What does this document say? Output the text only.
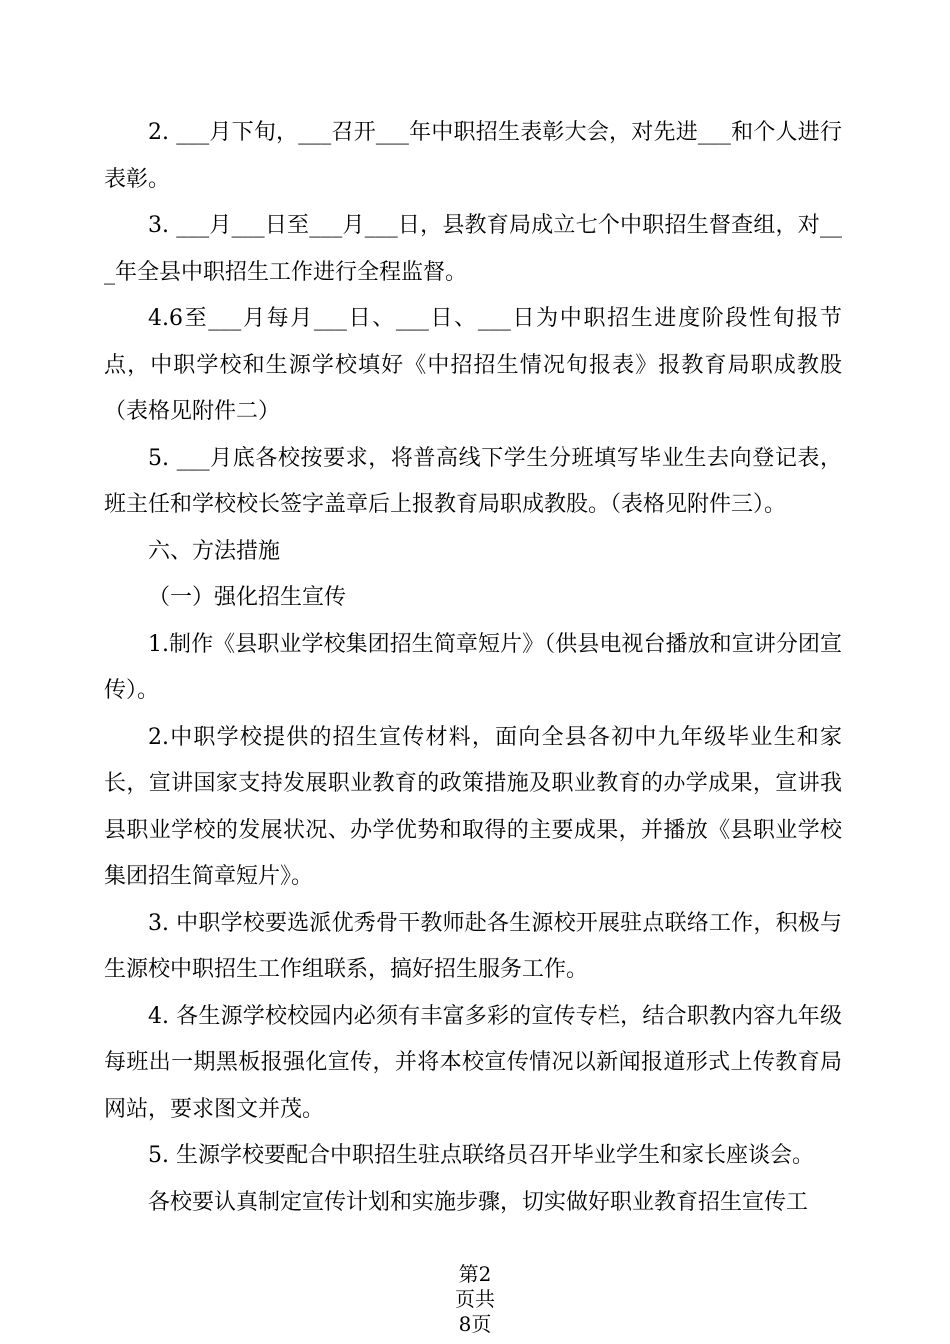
2. ___月下旬，___召开___年中职招生表彰大会，对先进___和个人进行表彰。

3. ___月___日至___月___日，县教育局成立七个中职招生督查组，对___年全县中职招生工作进行全程监督。

4.6至___月每月___日、___日、___日为中职招生进度阶段性旬报节点，中职学校和生源学校填好《中招招生情况旬报表》报教育局职成教股（表格见附件二）

5. ___月底各校按要求，将普高线下学生分班填写毕业生去向登记表，班主任和学校校长签字盖章后上报教育局职成教股。（表格见附件三）。

六、方法措施

（一）强化招生宣传

1.制作《县职业学校集团招生简章短片》（供县电视台播放和宣讲分团宣传）。

2.中职学校提供的招生宣传材料，面向全县各初中九年级毕业生和家长，宣讲国家支持发展职业教育的政策措施及职业教育的办学成果，宣讲我县职业学校的发展状况、办学优势和取得的主要成果，并播放《县职业学校集团招生简章短片》。

3. 中职学校要选派优秀骨干教师赴各生源校开展驻点联络工作，积极与生源校中职招生工作组联系，搞好招生服务工作。

4. 各生源学校校园内必须有丰富多彩的宣传专栏，结合职教内容九年级每班出一期黑板报强化宣传，并将本校宣传情况以新闻报道形式上传教育局网站，要求图文并茂。

5. 生源学校要配合中职招生驻点联络员召开毕业学生和家长座谈会。

各校要认真制定宣传计划和实施步骤，切实做好职业教育招生宣传工

第2
页共
8页
